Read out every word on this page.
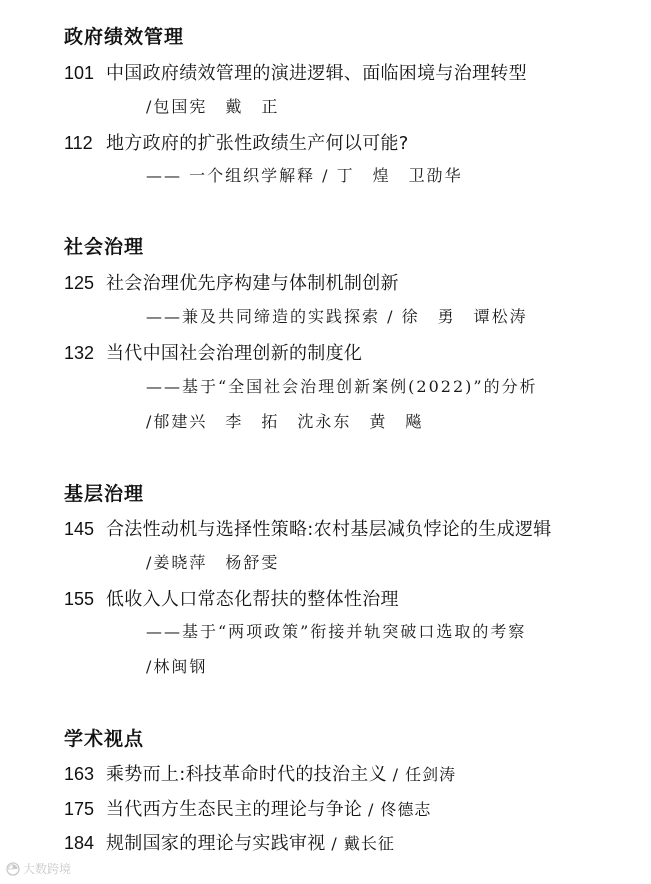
政府绩效管理
101 中国政府绩效管理的演进逻辑、面临困境与治理转型
/包国宪　戴　正
112 地方政府的扩张性政绩生产何以可能?
—— 一个组织学解释 / 丁　煌　卫劭华
社会治理
125 社会治理优先序构建与体制机制创新
——兼及共同缔造的实践探索 / 徐　勇　谭松涛
132 当代中国社会治理创新的制度化
——基于“全国社会治理创新案例(2022)”的分析
/郁建兴　李　拓　沈永东　黄　飚
基层治理
145 合法性动机与选择性策略:农村基层减负悖论的生成逻辑
/姜晓萍　杨舒雯
155 低收入人口常态化帮扶的整体性治理
——基于“两项政策”衔接并轨突破口选取的考察
/林闽钢
学术视点
163 乘势而上:科技革命时代的技治主义 / 任剑涛
175 当代西方生态民主的理论与争论 / 佟德志
184 规制国家的理论与实践审视 / 戴长征
大数跨境
